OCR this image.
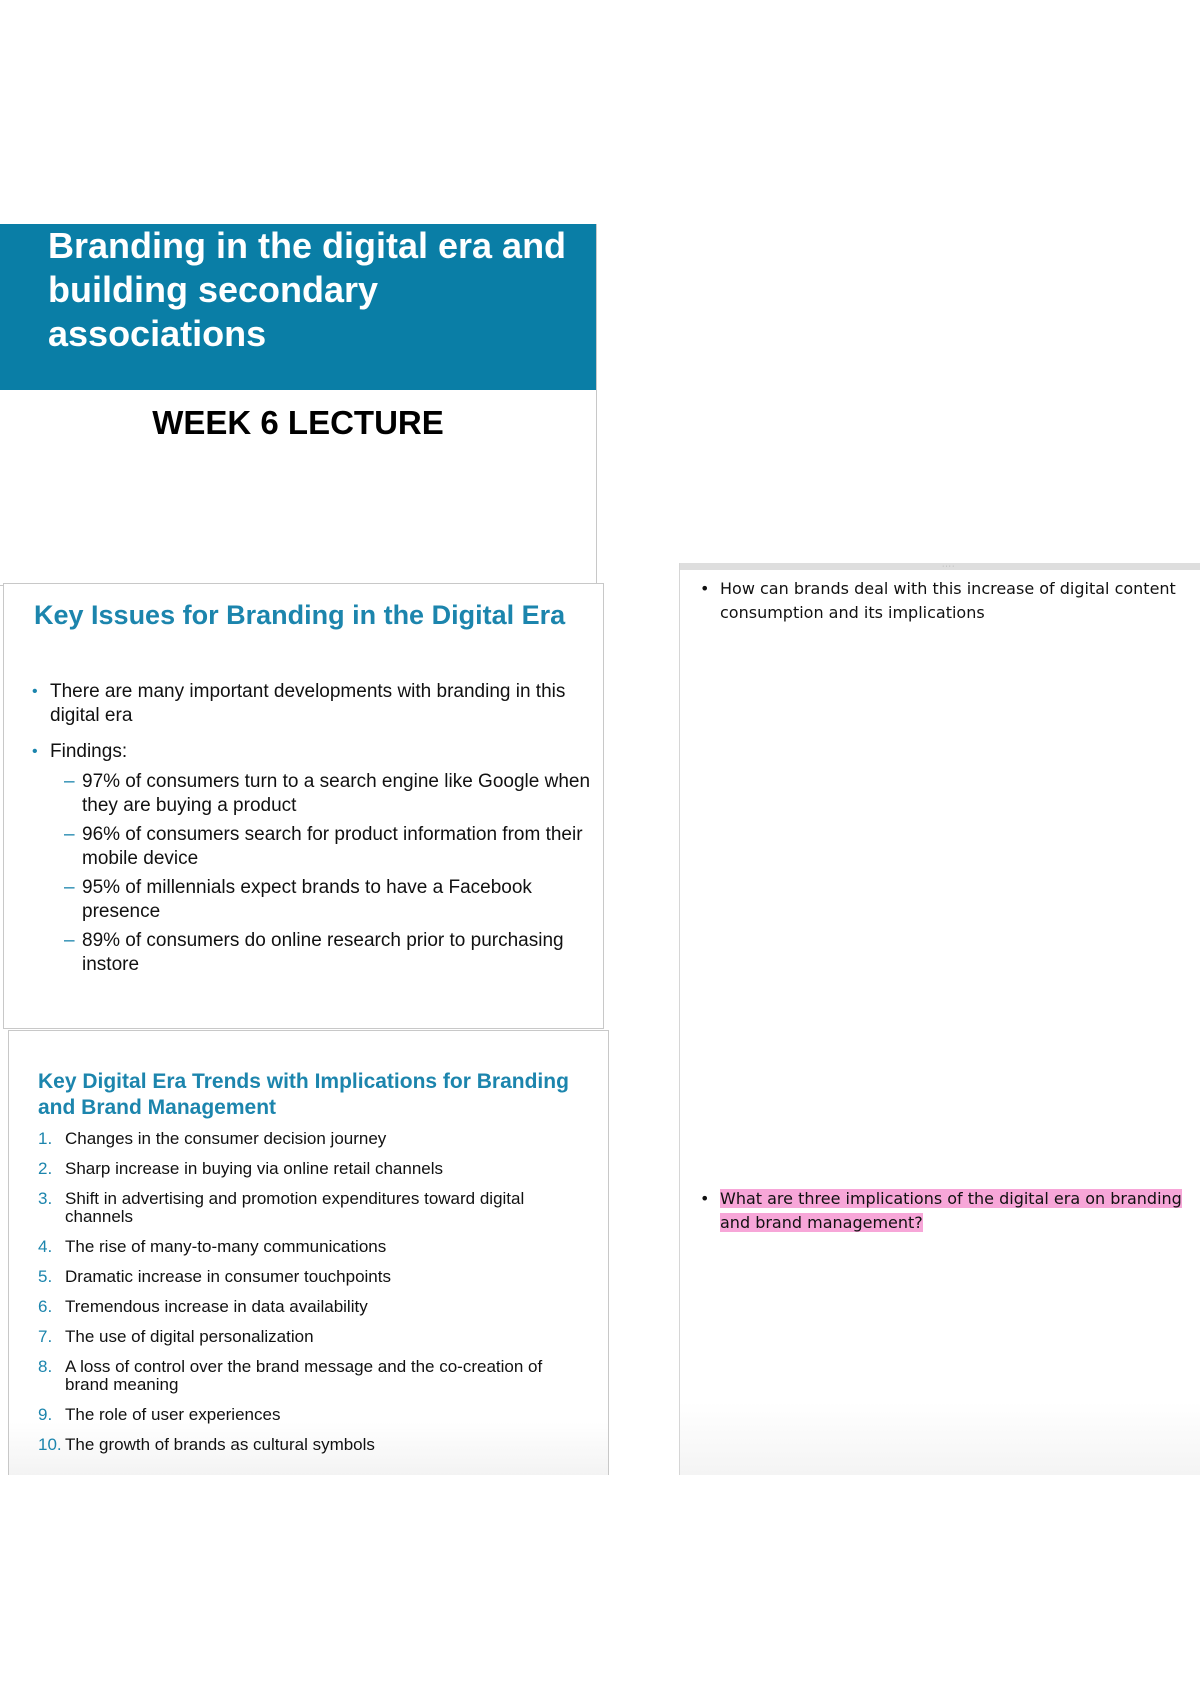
Branding in the digital era and building secondary associations
WEEK 6 LECTURE
Key Issues for Branding in the Digital Era
• There are many important developments with branding in this digital era
• Findings:
– 97% of consumers turn to a search engine like Google when they are buying a product
– 96% of consumers search for product information from their mobile device
– 95% of millennials expect brands to have a Facebook presence
– 89% of consumers do online research prior to purchasing instore
Key Digital Era Trends with Implications for Branding and Brand Management
1. Changes in the consumer decision journey
2. Sharp increase in buying via online retail channels
3. Shift in advertising and promotion expenditures toward digital channels
4. The rise of many-to-many communications
5. Dramatic increase in consumer touchpoints
6. Tremendous increase in data availability
7. The use of digital personalization
8. A loss of control over the brand message and the co-creation of brand meaning
9. The role of user experiences
10. The growth of brands as cultural symbols
····
• How can brands deal with this increase of digital content consumption and its implications
• What are three implications of the digital era on branding and brand management?
